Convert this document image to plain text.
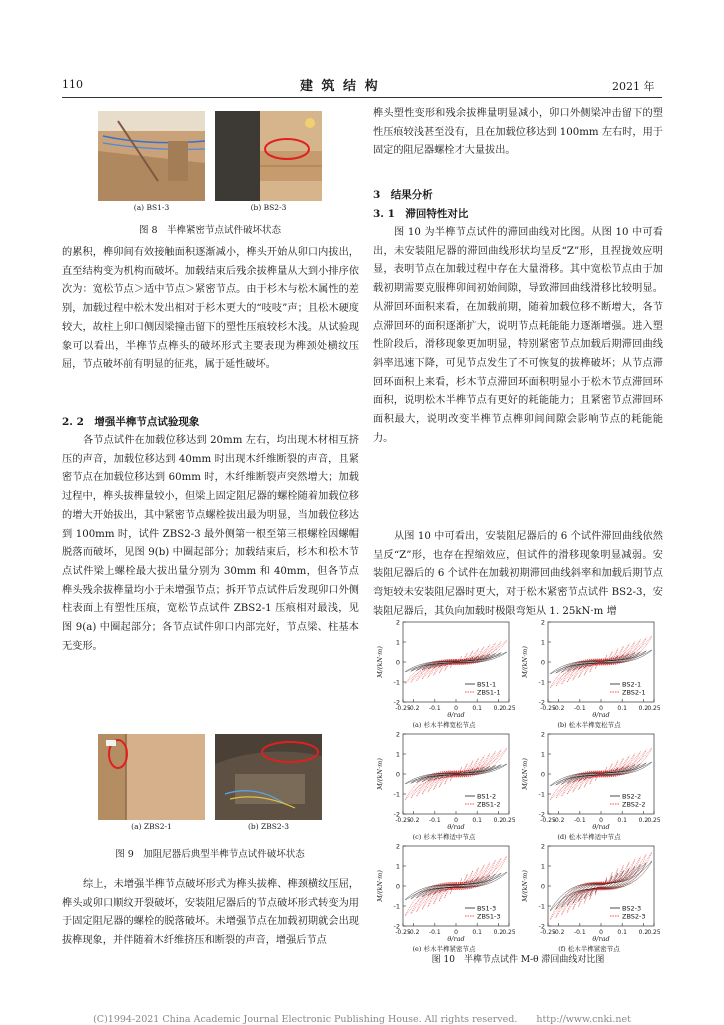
110	建 筑 结 构	2021 年
(a) BS1-3	(b) BS2-3
图 8　半榫紧密节点试件破坏状态

的累积，榫卯间有效接触面积逐渐减小，榫头开始从卯口内拔出，直至结构变为机构而破坏。加载结束后残余拔榫量从大到小排序依次为：宽松节点＞适中节点＞紧密节点。由于杉木与松木属性的差别，加载过程中松木发出相对于杉木更大的“吱吱”声；且松木硬度较大，故柱上卯口侧因梁撞击留下的塑性压痕较杉木浅。从试验现象可以看出，半榫节点榫头的破坏形式主要表现为榫颈处横纹压屈，节点破坏前有明显的征兆，属于延性破坏。

2. 2　增强半榫节点试验现象

各节点试件在加载位移达到 20mm 左右，均出现木材相互挤压的声音，加载位移达到 40mm 时出现木纤维断裂的声音，且紧密节点在加载位移达到 60mm 时，木纤维断裂声突然增大；加载过程中，榫头拔榫量较小，但梁上固定阻尼器的螺栓随着加载位移的增大开始拔出，其中紧密节点螺栓拔出最为明显，当加载位移达到 100mm 时，试件 ZBS2-3 最外侧第一根至第三根螺栓因螺帽脱落而破坏，见图 9(b) 中圈起部分；加载结束后，杉木和松木节点试件梁上螺栓最大拔出量分别为 30mm 和 40mm，但各节点榫头残余拔榫量均小于未增强节点；拆开节点试件后发现卯口外侧柱表面上有塑性压痕，宽松节点试件 ZBS2-1 压痕相对最浅，见图 9(a) 中圈起部分；各节点试件卯口内部完好，节点梁、柱基本无变形。

(a) ZBS2-1	(b) ZBS2-3
图 9　加阻尼器后典型半榫节点试件破坏状态

综上，未增强半榫节点破坏形式为榫头拔榫、榫颈横纹压屈，榫头或卯口顺纹开裂破坏，安装阻尼器后的节点破坏形式转变为用于固定阻尼器的螺栓的脱落破坏。未增强节点在加载初期就会出现拔榫现象，并伴随着木纤维挤压和断裂的声音，增强后节点

榫头塑性变形和残余拔榫量明显减小，卯口外侧梁冲击留下的塑性压痕较浅甚至没有，且在加载位移达到 100mm 左右时，用于固定的阻尼器螺栓才大量拔出。

3　结果分析
3. 1　滞回特性对比

图 10 为半榫节点试件的滞回曲线对比图。从图 10 中可看出，未安装阻尼器的滞回曲线形状均呈反“Z”形，且捏拢效应明显，表明节点在加载过程中存在大量滑移。其中宽松节点由于加载初期需要克服榫卯间初始间隙，导致滞回曲线滑移比较明显。从滞回环面积来看，在加载前期，随着加载位移不断增大，各节点滞回环的面积逐渐扩大，说明节点耗能能力逐渐增强。进入塑性阶段后，滑移现象更加明显，特别紧密节点加载后期滞回曲线斜率迅速下降，可见节点发生了不可恢复的拔榫破坏；从节点滞回环面积上来看，杉木节点滞回环面积明显小于松木节点滞回环面积，说明松木半榫节点有更好的耗能能力；且紧密节点滞回环面积最大，说明改变半榫节点榫卯间间隙会影响节点的耗能能力。

从图 10 中可看出，安装阻尼器后的 6 个试件滞回曲线依然呈反“Z”形，也存在捏缩效应，但试件的滑移现象明显减弱。安装阻尼器后的 6 个试件在加载初期滞回曲线斜率和加载后期节点弯矩较未安装阻尼器时更大，对于松木紧密节点试件 BS2-3，安装阻尼器后，其负向加载时极限弯矩从 1. 25kN·m 增

2
1
0
-1
-2
-0.25
-0.2 -0.1 0 0.1 0.2 0.25
θ/rad
M/(kN·m)
BS1-1
ZBS1-1
(a) 杉木半榫宽松节点
2
1
0
-1
-2
-0.25
-0.2 -0.1 0 0.1 0.2 0.25
θ/rad
M/(kN·m)
BS2-1
ZBS2-1
(b) 松木半榫宽松节点
2
1
0
-1
-2
-0.25
-0.2 -0.1 0 0.1 0.2 0.25
θ/rad
M/(kN·m)
BS1-2
ZBS1-2
(c) 杉木半榫适中节点
2
1
0
-1
-2
-0.25
-0.2 -0.1 0 0.1 0.2 0.25
θ/rad
M/(kN·m)
BS2-2
ZBS2-2
(d) 松木半榫适中节点
2
1
0
-1
-2
-0.25
-0.2 -0.1 0 0.1 0.2 0.25
θ/rad
M/(kN·m)
BS1-3
ZBS1-3
(e) 杉木半榫紧密节点
2
1
0
-1
-2
-0.25
-0.2 -0.1 0 0.1 0.2 0.25
θ/rad
M/(kN·m)
BS2-3
ZBS2-3
(f) 松木半榫紧密节点
图 10　半榫节点试件 M-θ 滞回曲线对比图
(C)1994-2021 China Academic Journal Electronic Publishing House. All rights reserved.　　http://www.cnki.net
